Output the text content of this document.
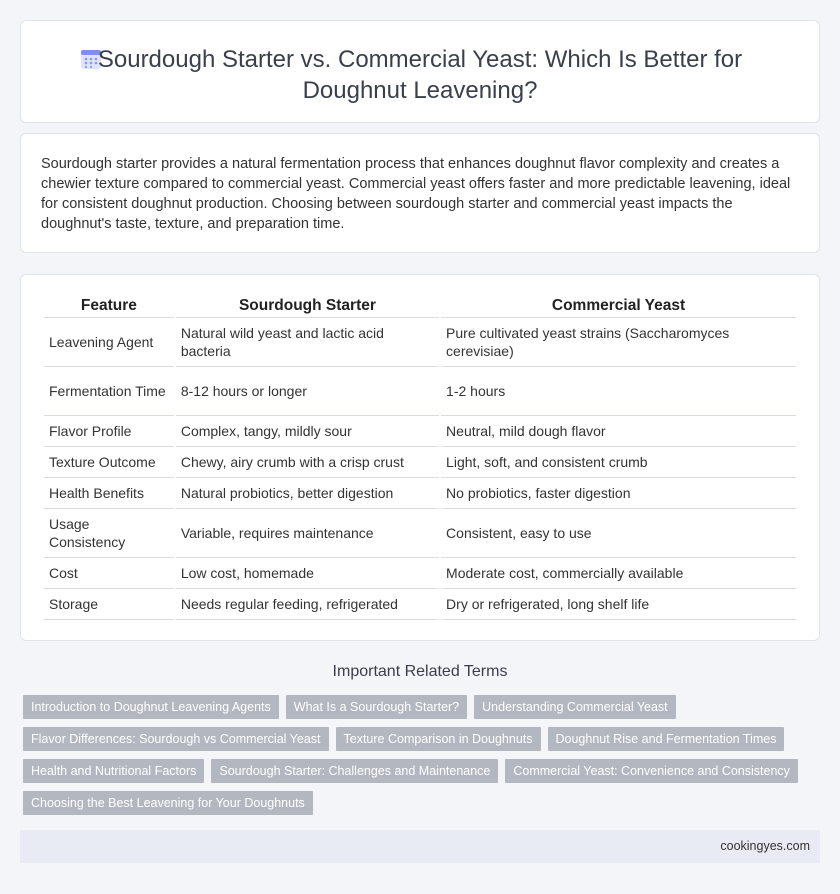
Sourdough Starter vs. Commercial Yeast: Which Is Better for Doughnut Leavening?

Sourdough starter provides a natural fermentation process that enhances doughnut flavor complexity and creates a chewier texture compared to commercial yeast. Commercial yeast offers faster and more predictable leavening, ideal for consistent doughnut production. Choosing between sourdough starter and commercial yeast impacts the doughnut's taste, texture, and preparation time.

Feature	Sourdough Starter	Commercial Yeast
Leavening Agent	Natural wild yeast and lactic acid bacteria	Pure cultivated yeast strains (Saccharomyces cerevisiae)
Fermentation Time	8-12 hours or longer	1-2 hours
Flavor Profile	Complex, tangy, mildly sour	Neutral, mild dough flavor
Texture Outcome	Chewy, airy crumb with a crisp crust	Light, soft, and consistent crumb
Health Benefits	Natural probiotics, better digestion	No probiotics, faster digestion
Usage Consistency	Variable, requires maintenance	Consistent, easy to use
Cost	Low cost, homemade	Moderate cost, commercially available
Storage	Needs regular feeding, refrigerated	Dry or refrigerated, long shelf life
Important Related Terms
Introduction to Doughnut Leavening Agents	What Is a Sourdough Starter?	Understanding Commercial Yeast
Flavor Differences: Sourdough vs Commercial Yeast	Texture Comparison in Doughnuts	Doughnut Rise and Fermentation Times
Health and Nutritional Factors	Sourdough Starter: Challenges and Maintenance	Commercial Yeast: Convenience and Consistency
Choosing the Best Leavening for Your Doughnuts
cookingyes.com
